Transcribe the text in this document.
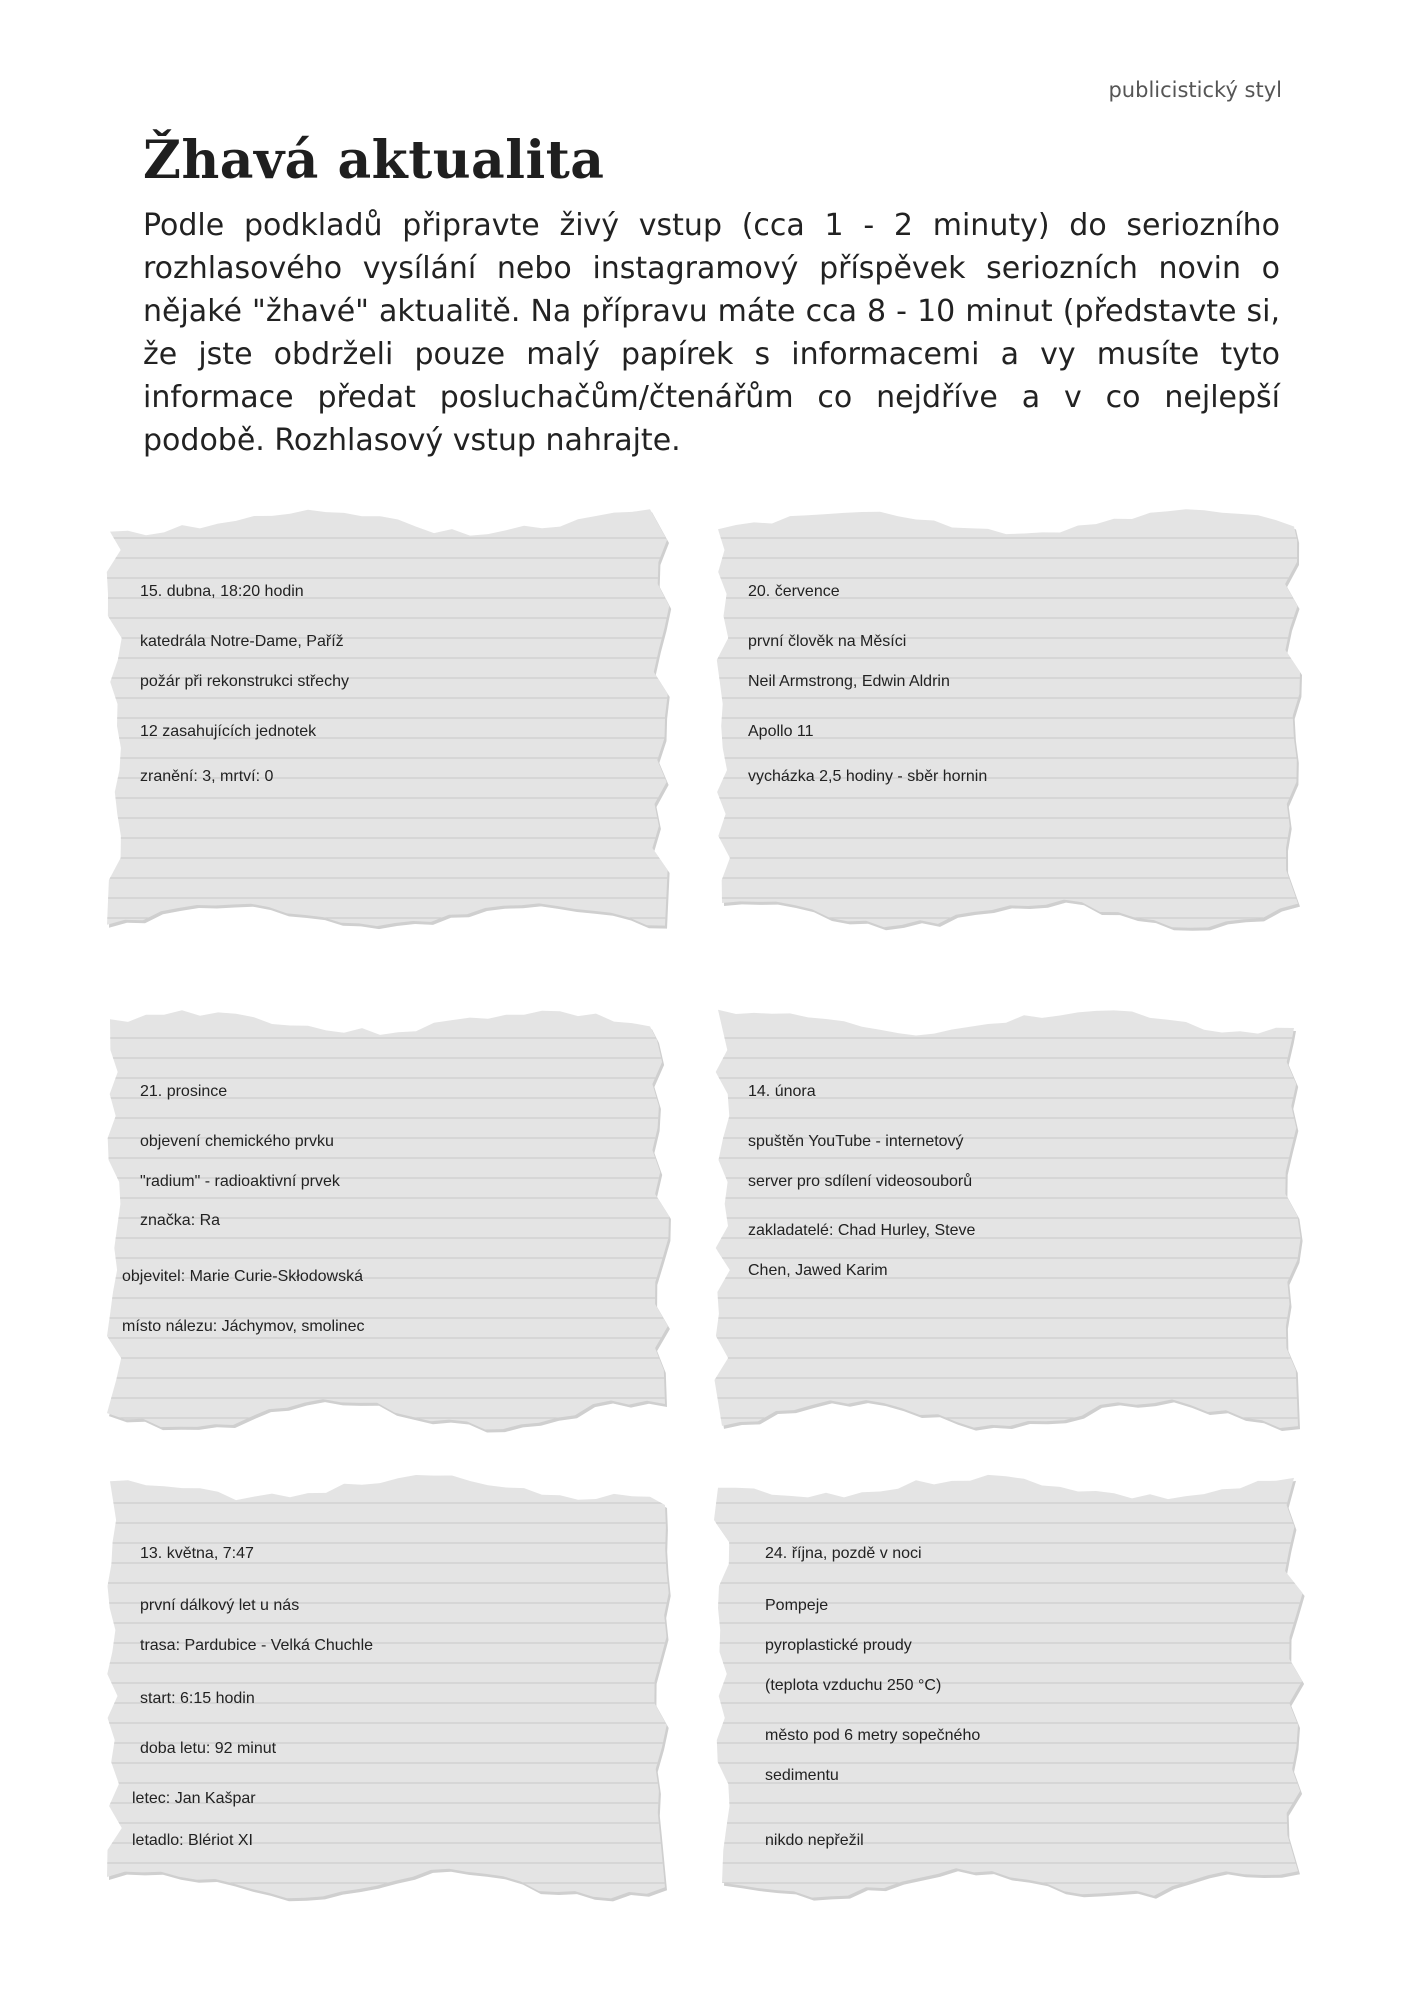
publicistický styl
Žhavá aktualita

Podle podkladů připravte živý vstup (cca 1 - 2 minuty) do seriozního rozhlasového vysílání nebo instagramový příspěvek seriozních novin o nějaké "žhavé" aktualitě. Na přípravu máte cca 8 - 10 minut (představte si, že jste obdrželi pouze malý papírek s informacemi a vy musíte tyto informace předat posluchačům/čtenářům co nejdříve a v co nejlepší podobě. Rozhlasový vstup nahrajte.

15. dubna, 18:20 hodin
katedrála Notre-Dame, Paříž
požár při rekonstrukci střechy
12 zasahujících jednotek
zranění: 3, mrtví: 0
20. července
první člověk na Měsíci
Neil Armstrong, Edwin Aldrin
Apollo 11
vycházka 2,5 hodiny - sběr hornin
21. prosince
objevení chemického prvku
"radium" - radioaktivní prvek
značka: Ra
objevitel: Marie Curie-Skłodowská
místo nálezu: Jáchymov, smolinec
14. února
spuštěn YouTube - internetový
server pro sdílení videosouborů
zakladatelé: Chad Hurley, Steve
Chen, Jawed Karim
13. května, 7:47
první dálkový let u nás
trasa: Pardubice - Velká Chuchle
start: 6:15 hodin
doba letu: 92 minut
letec: Jan Kašpar
letadlo: Blériot XI
24. října, pozdě v noci
Pompeje
pyroplastické proudy
(teplota vzduchu 250 °C)
město pod 6 metry sopečného
sedimentu
nikdo nepřežil
